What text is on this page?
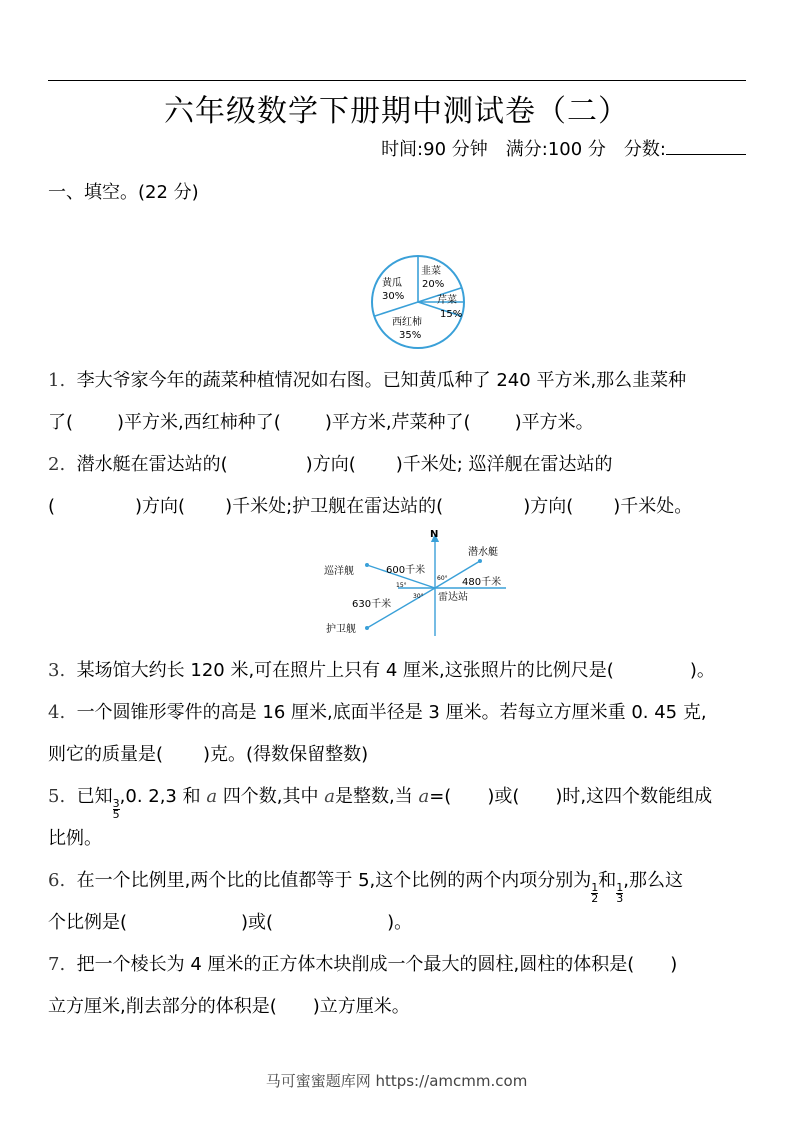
六年级数学下册期中测试卷（二）
时间:90 分钟 满分:100 分 分数:
一、填空。(22 分)
韭菜
20%
芹菜
15%
西红柿
35%
黄瓜
30%
1. 李大爷家今年的蔬菜种植情况如右图。已知黄瓜种了 240 平方米,那么韭菜种
了( )平方米,西红柿种了( )平方米,芹菜种了( )平方米。
2. 潜水艇在雷达站的(	)方向( )千米处; 巡洋舰在雷达站的
(	)方向( )千米处;护卫舰在雷达站的(	)方向( )千米处。
N
潜水艇
巡洋舰
护卫舰
雷达站
600千米
480千米
630千米
15°
30°
60°
3. 某场馆大约长 120 米,可在照片上只有 4 厘米,这张照片的比例尺是(	)。
4. 一个圆锥形零件的高是 16 厘米,底面半径是 3 厘米。若每立方厘米重 0. 45 克,
则它的质量是( )克。(得数保留整数)
5. 已知
$\frac{3}{5}$
,0. 2,3 和 a 四个数,其中 a是整数,当 a=( )或( )时,这四个数能组成
比例。
6. 在一个比例里,两个比的比值都等于 5,这个比例的两个内项分别为
$\frac{1}{2}$
和
$\frac{1}{3}$
,那么这
个比例是(	)或(	)。
7. 把一个棱长为 4 厘米的正方体木块削成一个最大的圆柱,圆柱的体积是( )
立方厘米,削去部分的体积是( )立方厘米。
马可蜜蜜题库网 https://amcmm.com
